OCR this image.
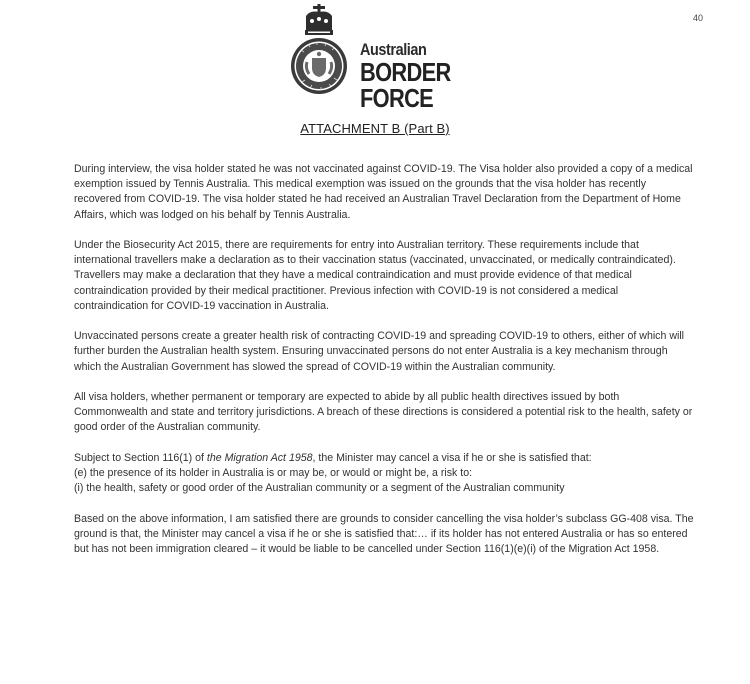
40
Australian
BORDER FORCE
ATTACHMENT B (Part B)

During interview, the visa holder stated he was not vaccinated against COVID-19. The Visa holder also provided a copy of a medical exemption issued by Tennis Australia. This medical exemption was issued on the grounds that the visa holder has recently recovered from COVID-19. The visa holder stated he had received an Australian Travel Declaration from the Department of Home Affairs, which was lodged on his behalf by Tennis Australia.

Under the Biosecurity Act 2015, there are requirements for entry into Australian territory. These requirements include that international travellers make a declaration as to their vaccination status (vaccinated, unvaccinated, or medically contraindicated). Travellers may make a declaration that they have a medical contraindication and must provide evidence of that medical contraindication provided by their medical practitioner. Previous infection with COVID-19 is not considered a medical contraindication for COVID-19 vaccination in Australia.

Unvaccinated persons create a greater health risk of contracting COVID-19 and spreading COVID-19 to others, either of which will further burden the Australian health system. Ensuring unvaccinated persons do not enter Australia is a key mechanism through which the Australian Government has slowed the spread of COVID-19 within the Australian community.

All visa holders, whether permanent or temporary are expected to abide by all public health directives issued by both Commonwealth and state and territory jurisdictions. A breach of these directions is considered a potential risk to the health, safety or good order of the Australian community.

Subject to Section 116(1) of the Migration Act 1958, the Minister may cancel a visa if he or she is satisfied that:

(e) the presence of its holder in Australia is or may be, or would or might be, a risk to:

(i) the health, safety or good order of the Australian community or a segment of the Australian community

Based on the above information, I am satisfied there are grounds to consider cancelling the visa holder’s subclass GG-408 visa. The ground is that, the Minister may cancel a visa if he or she is satisfied that:… if its holder has not entered Australia or has so entered but has not been immigration cleared – it would be liable to be cancelled under Section 116(1)(e)(i) of the Migration Act 1958.
